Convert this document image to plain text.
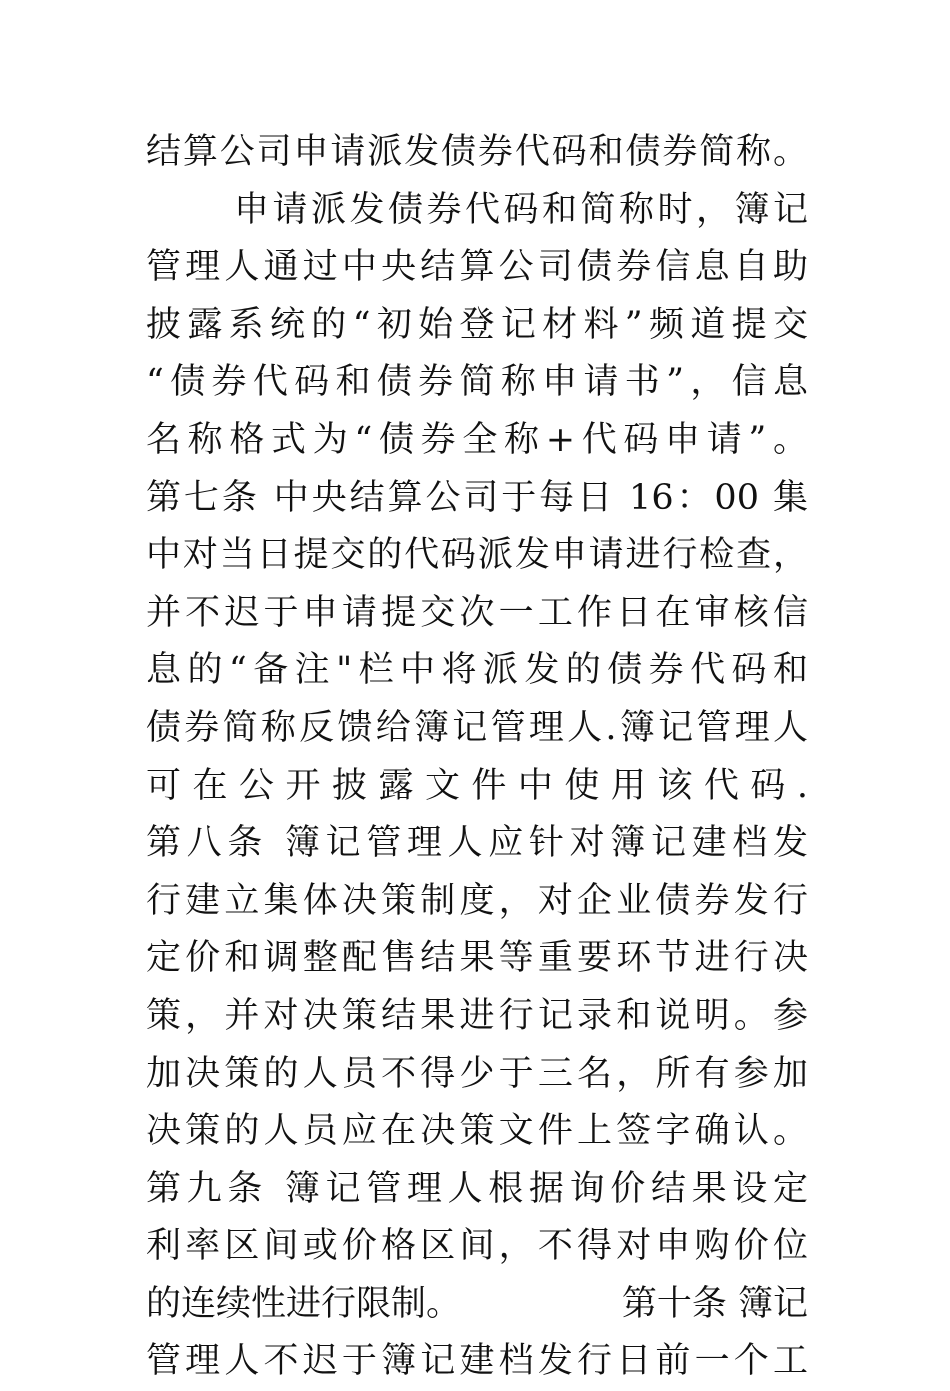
结算公司申请派发债券代码和债券简称。
申请派发债券代码和简称时，簿记
管理人通过中央结算公司债券信息自助
披露系统的“初始登记材料”频道提交
“债券代码和债券简称申请书”，信息
名称格式为“债券全称+代码申请”。
第七条 中央结算公司于每日 16：00 集
中对当日提交的代码派发申请进行检查，
并不迟于申请提交次一工作日在审核信
息的“备注"栏中将派发的债券代码和
债券简称反馈给簿记管理人.簿记管理人
可在公开披露文件中使用该代码.
第八条 簿记管理人应针对簿记建档发
行建立集体决策制度，对企业债券发行
定价和调整配售结果等重要环节进行决
策，并对决策结果进行记录和说明。参
加决策的人员不得少于三名，所有参加
决策的人员应在决策文件上签字确认。
第九条 簿记管理人根据询价结果设定
利率区间或价格区间，不得对申购价位
的连续性进行限制。	第十条 簿记
管理人不迟于簿记建档发行日前一个工
